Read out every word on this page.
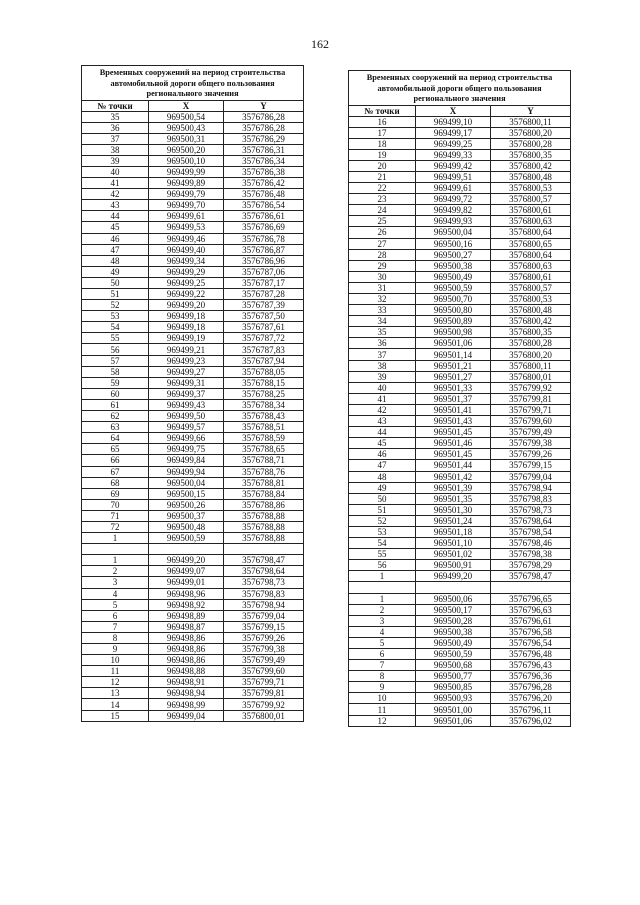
162
Временных сооружений на период строительства автомобильной дороги общего пользования регионального значения		
№ точки	X	Y
35	969500,54	3576786,28
36	969500,43	3576786,28
37	969500,31	3576786,29
38	969500,20	3576786,31
39	969500,10	3576786,34
40	969499,99	3576786,38
41	969499,89	3576786,42
42	969499,79	3576786,48
43	969499,70	3576786,54
44	969499,61	3576786,61
45	969499,53	3576786,69
46	969499,46	3576786,78
47	969499,40	3576786,87
48	969499,34	3576786,96
49	969499,29	3576787,06
50	969499,25	3576787,17
51	969499,22	3576787,28
52	969499,20	3576787,39
53	969499,18	3576787,50
54	969499,18	3576787,61
55	969499,19	3576787,72
56	969499,21	3576787,83
57	969499,23	3576787,94
58	969499,27	3576788,05
59	969499,31	3576788,15
60	969499,37	3576788,25
61	969499,43	3576788,34
62	969499,50	3576788,43
63	969499,57	3576788,51
64	969499,66	3576788,59
65	969499,75	3576788,65
66	969499,84	3576788,71
67	969499,94	3576788,76
68	969500,04	3576788,81
69	969500,15	3576788,84
70	969500,26	3576788,86
71	969500,37	3576788,88
72	969500,48	3576788,88
1	969500,59	3576788,88

1	969499,20	3576798,47
2	969499,07	3576798,64
3	969499,01	3576798,73
4	969498,96	3576798,83
5	969498,92	3576798,94
6	969498,89	3576799,04
7	969498,87	3576799,15
8	969498,86	3576799,26
9	969498,86	3576799,38
10	969498,86	3576799,49
11	969498,88	3576799,60
12	969498,91	3576799,71
13	969498,94	3576799,81
14	969498,99	3576799,92
15	969499,04	3576800,01
Временных сооружений на период строительства автомобильной дороги общего пользования регионального значения		
№ точки	X	Y
16	969499,10	3576800,11
17	969499,17	3576800,20
18	969499,25	3576800,28
19	969499,33	3576800,35
20	969499,42	3576800,42
21	969499,51	3576800,48
22	969499,61	3576800,53
23	969499,72	3576800,57
24	969499,82	3576800,61
25	969499,93	3576800,63
26	969500,04	3576800,64
27	969500,16	3576800,65
28	969500,27	3576800,64
29	969500,38	3576800,63
30	969500,49	3576800,61
31	969500,59	3576800,57
32	969500,70	3576800,53
33	969500,80	3576800,48
34	969500,89	3576800,42
35	969500,98	3576800,35
36	969501,06	3576800,28
37	969501,14	3576800,20
38	969501,21	3576800,11
39	969501,27	3576800,01
40	969501,33	3576799,92
41	969501,37	3576799,81
42	969501,41	3576799,71
43	969501,43	3576799,60
44	969501,45	3576799,49
45	969501,46	3576799,38
46	969501,45	3576799,26
47	969501,44	3576799,15
48	969501,42	3576799,04
49	969501,39	3576798,94
50	969501,35	3576798,83
51	969501,30	3576798,73
52	969501,24	3576798,64
53	969501,18	3576798,54
54	969501,10	3576798,46
55	969501,02	3576798,38
56	969500,91	3576798,29
1	969499,20	3576798,47

1	969500,06	3576796,65
2	969500,17	3576796,63
3	969500,28	3576796,61
4	969500,38	3576796,58
5	969500,49	3576796,54
6	969500,59	3576796,48
7	969500,68	3576796,43
8	969500,77	3576796,36
9	969500,85	3576796,28
10	969500,93	3576796,20
11	969501,00	3576796,11
12	969501,06	3576796,02
